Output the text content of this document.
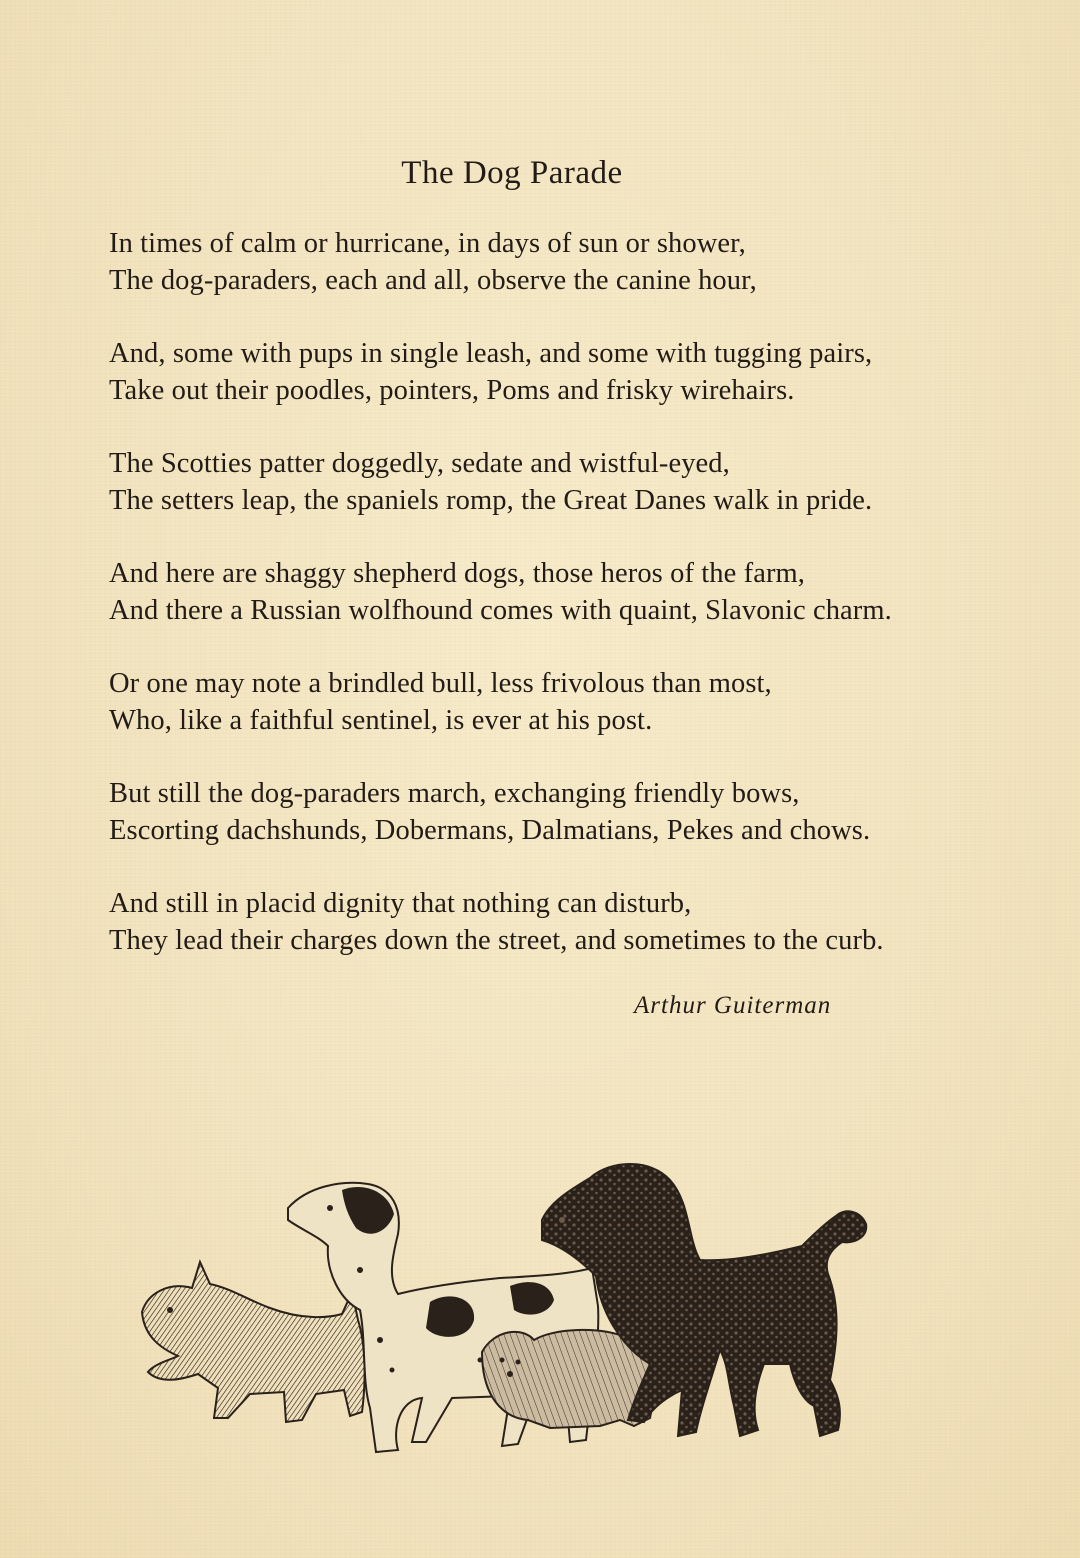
The Dog Parade
In times of calm or hurricane, in days of sun or shower,
The dog-paraders, each and all, observe the canine hour,
And, some with pups in single leash, and some with tugging pairs,
Take out their poodles, pointers, Poms and frisky wirehairs.
The Scotties patter doggedly, sedate and wistful-eyed,
The setters leap, the spaniels romp, the Great Danes walk in pride.
And here are shaggy shepherd dogs, those heros of the farm,
And there a Russian wolfhound comes with quaint, Slavonic charm.
Or one may note a brindled bull, less frivolous than most,
Who, like a faithful sentinel, is ever at his post.
But still the dog-paraders march, exchanging friendly bows,
Escorting dachshunds, Dobermans, Dalmatians, Pekes and chows.
And still in placid dignity that nothing can disturb,
They lead their charges down the street, and sometimes to the curb.
Arthur Guiterman
